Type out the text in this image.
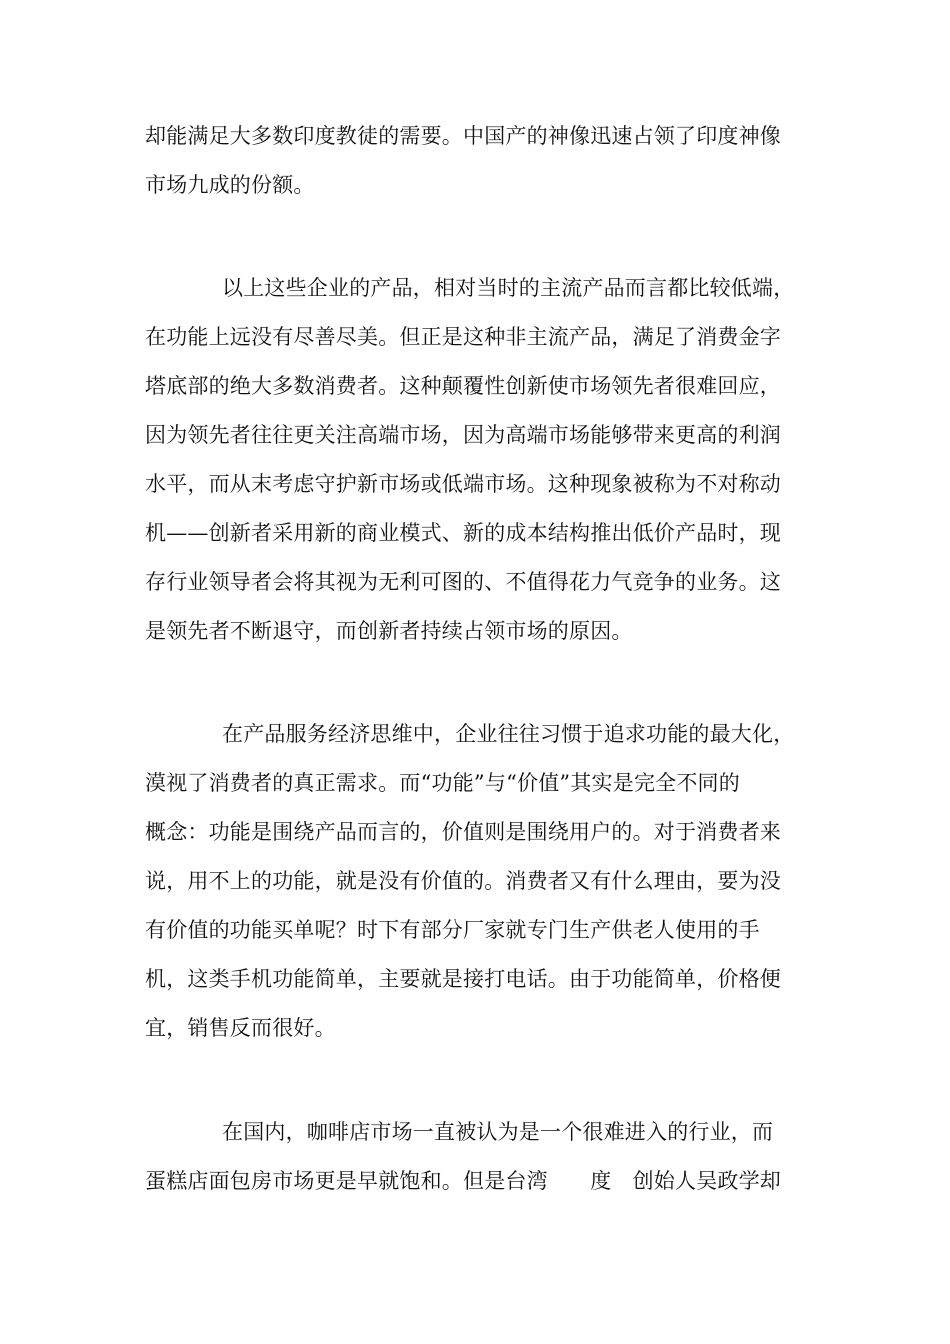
却能满足大多数印度教徒的需要。中国产的神像迅速占领了印度神像

市场九成的份额。

以上这些企业的产品，相对当时的主流产品而言都比较低端，

在功能上远没有尽善尽美。但正是这种非主流产品，满足了消费金字

塔底部的绝大多数消费者。这种颠覆性创新使市场领先者很难回应，

因为领先者往往更关注高端市场，因为高端市场能够带来更高的利润

水平，而从末考虑守护新市场或低端市场。这种现象被称为不对称动

机——创新者采用新的商业模式、新的成本结构推出低价产品时，现

存行业领导者会将其视为无利可图的、不值得花力气竞争的业务。这

是领先者不断退守，而创新者持续占领市场的原因。

在产品服务经济思维中，企业往往习惯于追求功能的最大化，

漠视了消费者的真正需求。而“功能”与“价值”其实是完全不同的

概念：功能是围绕产品而言的，价值则是围绕用户的。对于消费者来

说，用不上的功能，就是没有价值的。消费者又有什么理由，要为没

有价值的功能买单呢？时下有部分厂家就专门生产供老人使用的手

机，这类手机功能简单，主要就是接打电话。由于功能简单，价格便

宜，销售反而很好。

在国内，咖啡店市场一直被认为是一个很难进入的行业，而

蛋糕店面包房市场更是早就饱和。但是台湾　　度　创始人吴政学却
